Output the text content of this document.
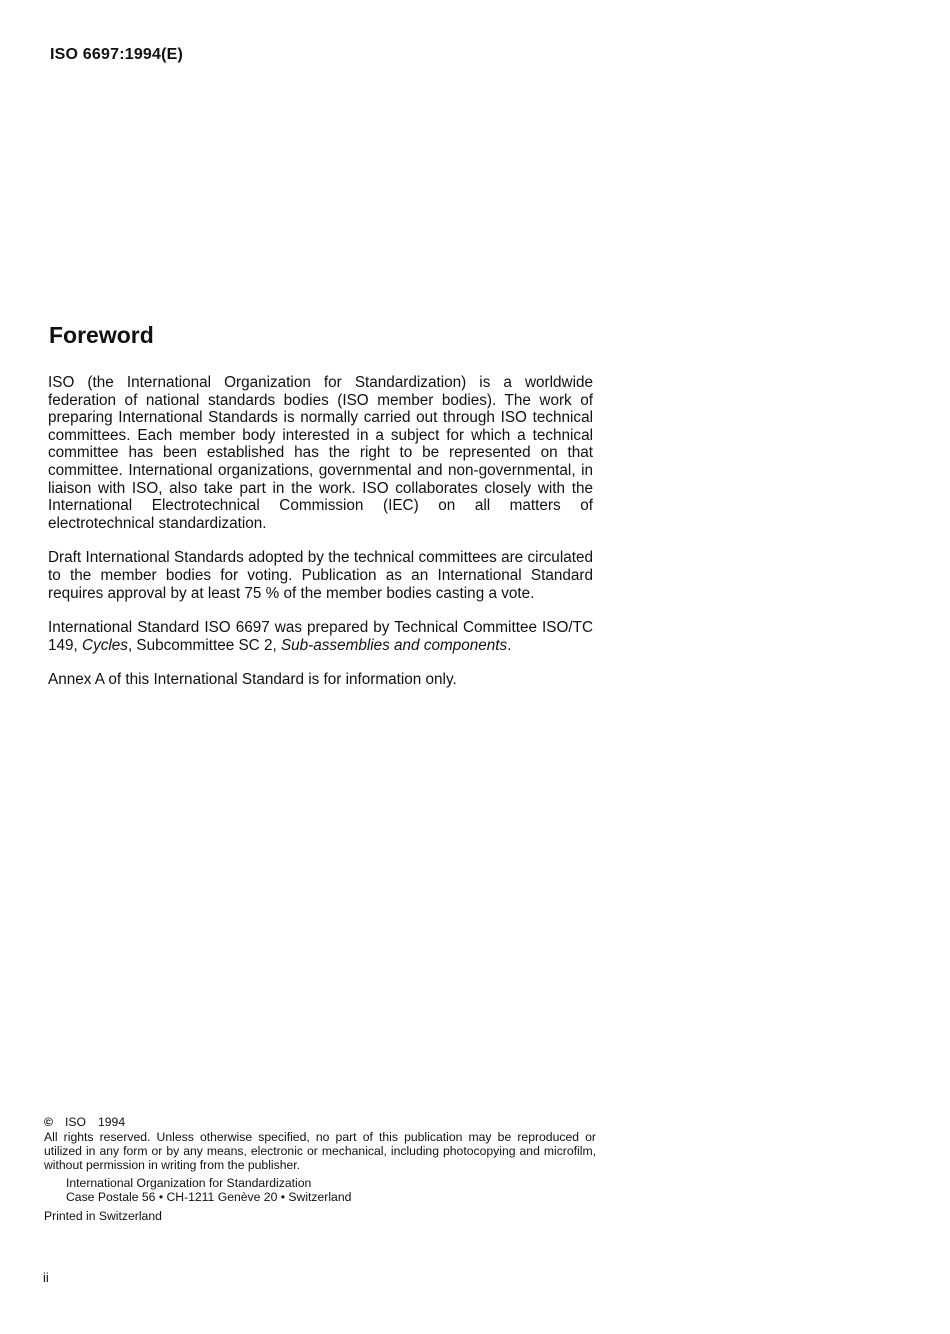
ISO 6697:1994(E)
Foreword

ISO (the International Organization for Standardization) is a worldwide federation of national standards bodies (ISO member bodies). The work of preparing International Standards is normally carried out through ISO technical committees. Each member body interested in a subject for which a technical committee has been established has the right to be represented on that committee. International organizations, governmental and non-governmental, in liaison with ISO, also take part in the work. ISO collaborates closely with the International Electrotechnical Commission (IEC) on all matters of electrotechnical standardization.

Draft International Standards adopted by the technical committees are circulated to the member bodies for voting. Publication as an International Standard requires approval by at least 75 % of the member bodies casting a vote.

International Standard ISO 6697 was prepared by Technical Committee ISO/TC 149, Cycles, Subcommittee SC 2, Sub-assemblies and components.

Annex A of this International Standard is for information only.

© ISO 1994
All rights reserved. Unless otherwise specified, no part of this publication may be reproduced or utilized in any form or by any means, electronic or mechanical, including photocopying and microfilm, without permission in writing from the publisher.
International Organization for Standardization
Case Postale 56 • CH-1211 Genève 20 • Switzerland
Printed in Switzerland
ii
